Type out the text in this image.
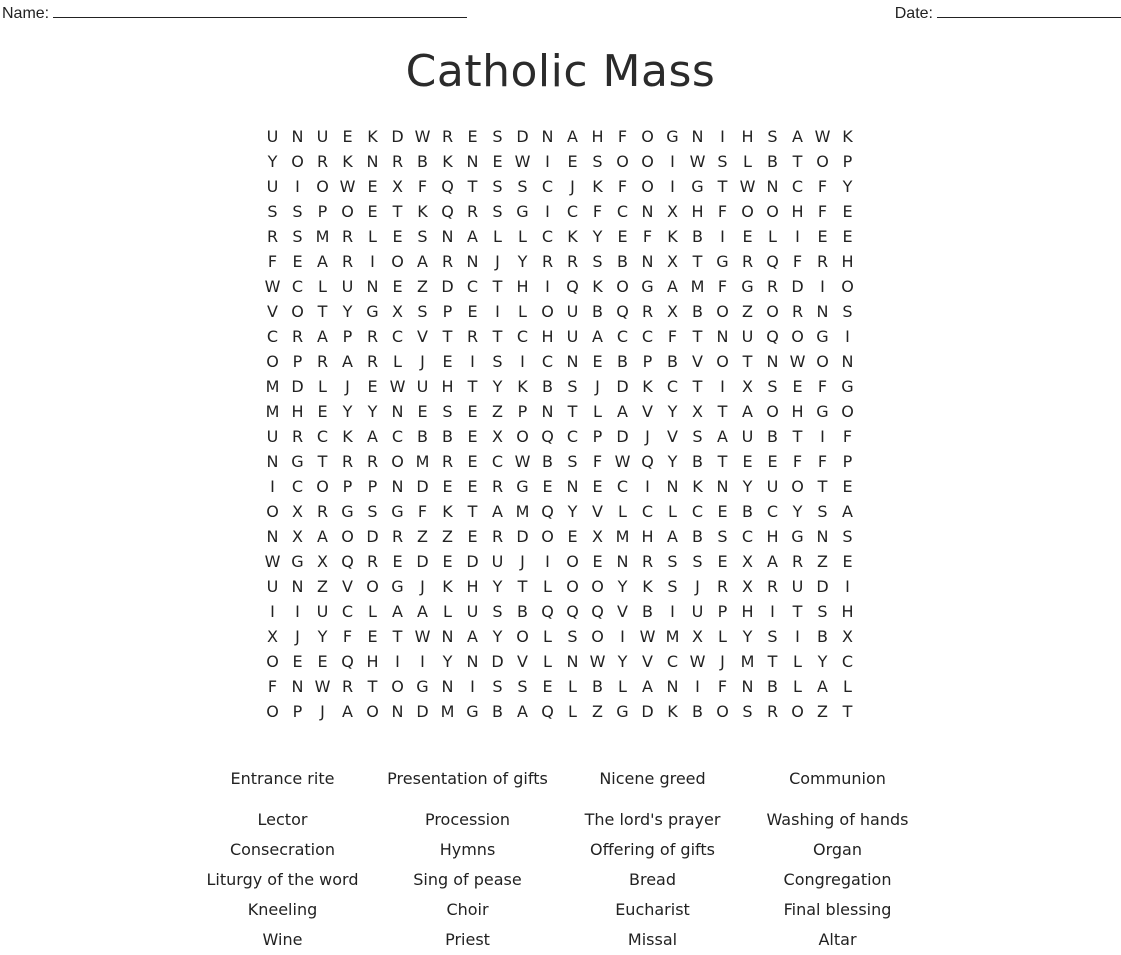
Name:	Date:
Catholic Mass
U N U E K D W R E S D N A H F O G N	I	H S A W K
Y O R K N R B K N E W I	E S O O	I W S L B T O P
U	I	O W E X F Q T S S C	J	K F O	I	G T W N C F Y
S S P O E T K Q R S G	I	C F C N X H F O O H F E
R S M R L E S N A L	L C K Y E F K B	I	E L	I	E E
F E A R	I	O A R N	J	Y R R S B N X T G R Q F R H
W C L U N E Z D C T H	I	Q K O G A M F G R D	I	O
V O T Y G X S P E	I	L O U B Q R X B O Z O R N S
C R A P R C V T R T C H U A C C F T N U Q O G	I
O P R A R L	J	E	I	S	I	C N E B P B V O T N W O N
M D L	J	E W U H T Y K B S	J	D K C T	I	X S E F G
M H E Y Y N E S E Z P N T L A V Y X T A O H G O
U R C K A C B B E X O Q C P D	J	V S A U B T	I	F
N G T R R O M R E C W B S F W Q Y B T E E F F P
I	C O P P N D E E R G E N E C	I	N K N Y U O T E
O X R G S G F K T A M Q Y V L C L C E B C Y S A
N X A O D R Z Z E R D O E X M H A B S C H G N S
W G X Q R E D E D U	J	I	O E N R S S E X A R Z E
U N Z V O G	J	K H Y T L O O Y K S	J	R X R U D	I
I	I	U C L A A L U S B Q Q Q V B	I	U P H	I	T S H
X	J	Y F E T W N A Y O L S O	I W M X L Y S	I	B X
O E E Q H	I	I	Y N D V L N W Y V C W J M T L Y C
F N W R T O G N	I	S S E L B L A N	I	F N B L A L
O P	J	A O N D M G B A Q L Z G D K B O S R O Z T
Entrance rite	Presentation of gifts	Nicene greed	Communion
Lector	Procession	The lord's prayer	Washing of hands
Consecration	Hymns	Offering of gifts	Organ
Liturgy of the word	Sing of pease	Bread	Congregation
Kneeling	Choir	Eucharist	Final blessing
Wine	Priest	Missal	Altar
